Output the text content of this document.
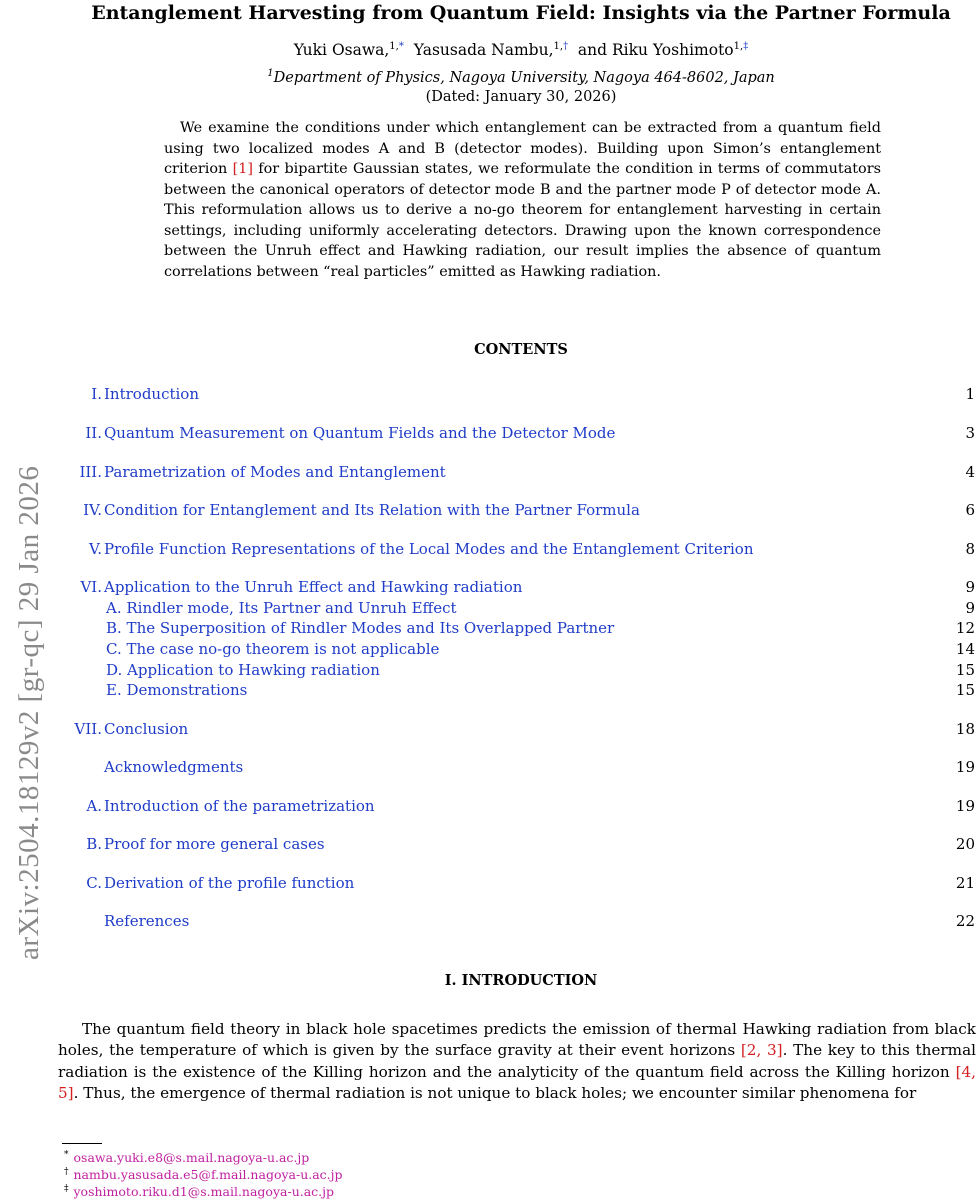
Entanglement Harvesting from Quantum Field: Insights via the Partner Formula
Yuki Osawa,$^{1,*}$ Yasusada Nambu,$^{1,\dagger}$ and Riku Yoshimoto$^{1,\ddagger}$
$^1$Department of Physics, Nagoya University, Nagoya 464-8602, Japan
(Dated: January 30, 2026)
We examine the conditions under which entanglement can be extracted from a quantum field using two localized modes A and B (detector modes). Building upon Simon’s entanglement criterion [1] for bipartite Gaussian states, we reformulate the condition in terms of commutators between the canonical operators of detector mode B and the partner mode P of detector mode A. This reformulation allows us to derive a no-go theorem for entanglement harvesting in certain settings, including uniformly accelerating detectors. Drawing upon the known correspondence between the Unruh effect and Hawking radiation, our result implies the absence of quantum correlations between “real particles” emitted as Hawking radiation.
arXiv:2504.18129v2 [gr-qc] 29 Jan 2026
CONTENTS
I. Introduction	1
II. Quantum Measurement on Quantum Fields and the Detector Mode	3
III. Parametrization of Modes and Entanglement	4
IV. Condition for Entanglement and Its Relation with the Partner Formula	6
V. Profile Function Representations of the Local Modes and the Entanglement Criterion	8
VI. Application to the Unruh Effect and Hawking radiation	9
A. Rindler mode, Its Partner and Unruh Effect	9
B. The Superposition of Rindler Modes and Its Overlapped Partner	12
C. The case no-go theorem is not applicable	14
D. Application to Hawking radiation	15
E. Demonstrations	15
VII. Conclusion	18
Acknowledgments	19
A. Introduction of the parametrization	19
B. Proof for more general cases	20
C. Derivation of the profile function	21
References	22
I. INTRODUCTION
The quantum field theory in black hole spacetimes predicts the emission of thermal Hawking radiation from black holes, the temperature of which is given by the surface gravity at their event horizons [2, 3]. The key to this thermal radiation is the existence of the Killing horizon and the analyticity of the quantum field across the Killing horizon [4, 5]. Thus, the emergence of thermal radiation is not unique to black holes; we encounter similar phenomena for
* osawa.yuki.e8@s.mail.nagoya-u.ac.jp
† nambu.yasusada.e5@f.mail.nagoya-u.ac.jp
‡ yoshimoto.riku.d1@s.mail.nagoya-u.ac.jp
